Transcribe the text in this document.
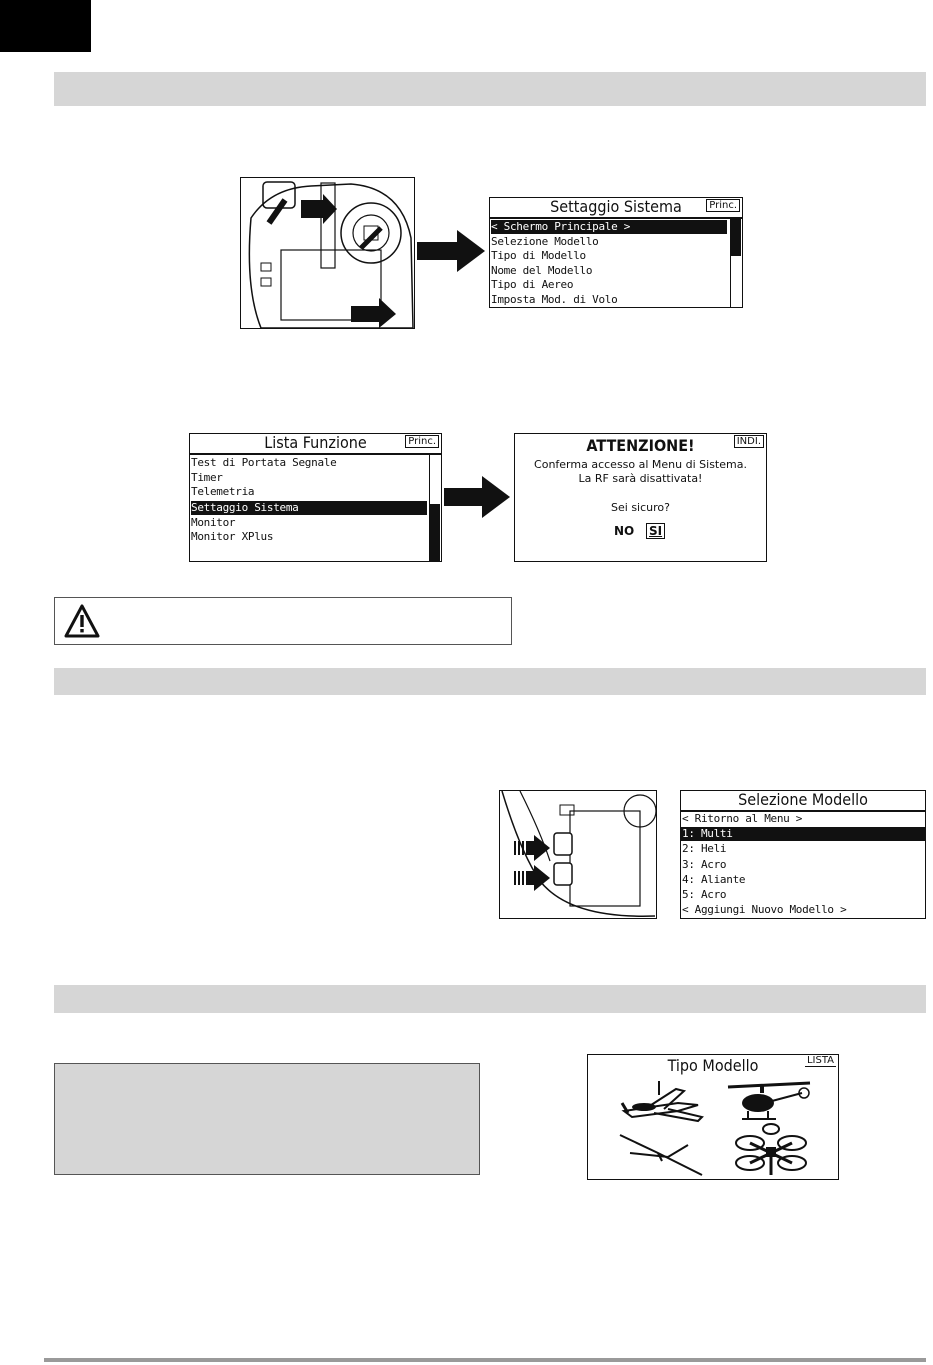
Settaggio Sistema	Princ.
< Schermo Principale >
Selezione Modello
Tipo di Modello
Nome del Modello
Tipo di Aereo
Imposta Mod. di Volo
Lista Funzione	Princ.
Test di Portata Segnale
Timer
Telemetria
Settaggio Sistema
Monitor
Monitor XPlus
ATTENZIONE!	INDI.
Conferma accesso al Menu di Sistema.
La RF sarà disattivata!
Sei sicuro?
NO SI
Selezione Modello
< Ritorno al Menu >
1: Multi
2: Heli
3: Acro
4: Aliante
5: Acro
< Aggiungi Nuovo Modello >
Tipo Modello	LISTA
